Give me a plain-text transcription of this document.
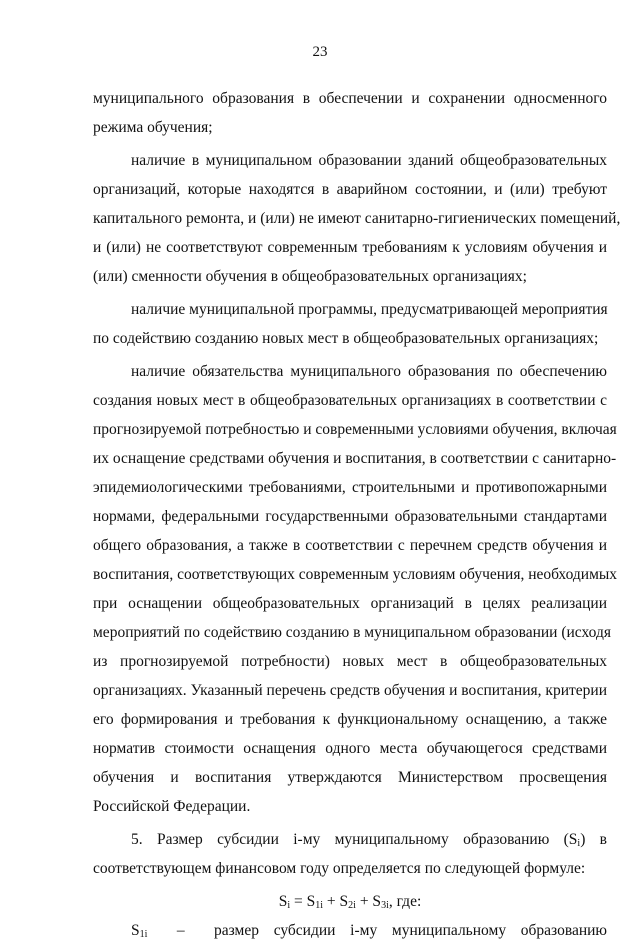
23
муниципального образования в обеспечении и сохранении односменного
режима обучения;
наличие в муниципальном образовании зданий общеобразовательных
организаций, которые находятся в аварийном состоянии, и (или) требуют
капитального ремонта, и (или) не имеют санитарно-гигиенических помещений,
и (или) не соответствуют современным требованиям к условиям обучения и
(или) сменности обучения в общеобразовательных организациях;
наличие муниципальной программы, предусматривающей мероприятия
по содействию созданию новых мест в общеобразовательных организациях;
наличие обязательства муниципального образования по обеспечению
создания новых мест в общеобразовательных организациях в соответствии с
прогнозируемой потребностью и современными условиями обучения, включая
их оснащение средствами обучения и воспитания, в соответствии с санитарно-
эпидемиологическими требованиями, строительными и противопожарными
нормами, федеральными государственными образовательными стандартами
общего образования, а также в соответствии с перечнем средств обучения и
воспитания, соответствующих современным условиям обучения, необходимых
при оснащении общеобразовательных организаций в целях реализации
мероприятий по содействию созданию в муниципальном образовании (исходя
из прогнозируемой потребности) новых мест в общеобразовательных
организациях. Указанный перечень средств обучения и воспитания, критерии
его формирования и требования к функциональному оснащению, а также
норматив стоимости оснащения одного места обучающегося средствами
обучения и воспитания утверждаются Министерством просвещения
Российской Федерации.
5. Размер субсидии i-му муниципальному образованию $(S_i)$ в
соответствующем финансовом году определяется по следующей формуле:
$S_i = S_{1i} + S_{2i} + S_{3i}$, где:
$S_{1i}$  –  размер субсидии i-му муниципальному образованию
